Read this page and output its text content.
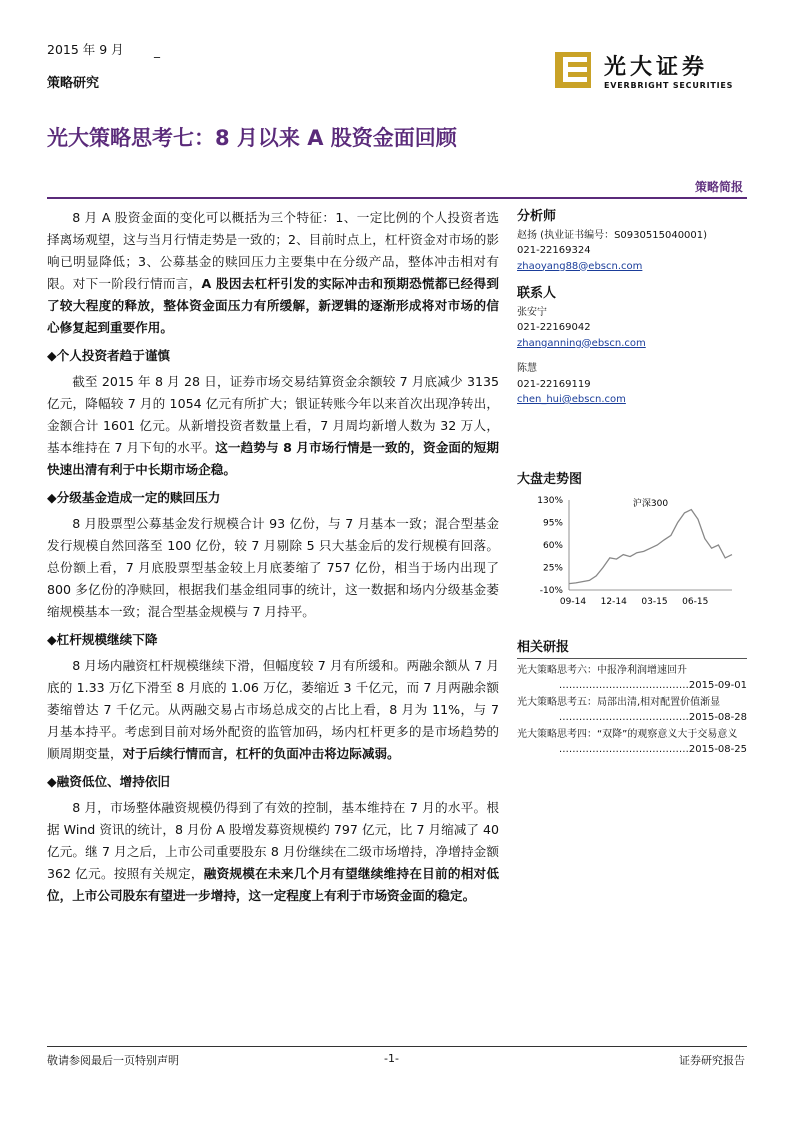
2015 年 9 月	_
策略研究
光大证券
EVERBRIGHT SECURITIES
光大策略思考七：8 月以来 A 股资金面回顾
策略简报

8 月 A 股资金面的变化可以概括为三个特征：1、一定比例的个人投资者选择离场观望，这与当月行情走势是一致的；2、目前时点上，杠杆资金对市场的影响已明显降低；3、公募基金的赎回压力主要集中在分级产品，整体冲击相对有限。对下一阶段行情而言，A 股因去杠杆引发的实际冲击和预期恐慌都已经得到了较大程度的释放，整体资金面压力有所缓解，新逻辑的逐渐形成将对市场的信心修复起到重要作用。

◆个人投资者趋于谨慎

截至 2015 年 8 月 28 日，证券市场交易结算资金余额较 7 月底减少 3135 亿元，降幅较 7 月的 1054 亿元有所扩大；银证转账今年以来首次出现净转出，金额合计 1601 亿元。从新增投资者数量上看，7 月周均新增人数为 32 万人，基本维持在 7 月下旬的水平。这一趋势与 8 月市场行情是一致的，资金面的短期快速出清有利于中长期市场企稳。

◆分级基金造成一定的赎回压力

8 月股票型公募基金发行规模合计 93 亿份，与 7 月基本一致；混合型基金发行规模自然回落至 100 亿份，较 7 月剔除 5 只大基金后的发行规模有回落。总份额上看，7 月底股票型基金较上月底萎缩了 757 亿份，相当于场内出现了 800 多亿份的净赎回，根据我们基金组同事的统计，这一数据和场内分级基金萎缩规模基本一致；混合型基金规模与 7 月持平。

◆杠杆规模继续下降

8 月场内融资杠杆规模继续下滑，但幅度较 7 月有所缓和。两融余额从 7 月底的 1.33 万亿下滑至 8 月底的 1.06 万亿，萎缩近 3 千亿元，而 7 月两融余额萎缩曾达 7 千亿元。从两融交易占市场总成交的占比上看，8 月为 11%，与 7 月基本持平。考虑到目前对场外配资的监管加码，场内杠杆更多的是市场趋势的顺周期变量，对于后续行情而言，杠杆的负面冲击将边际减弱。

◆融资低位、增持依旧

8 月，市场整体融资规模仍得到了有效的控制，基本维持在 7 月的水平。根据 Wind 资讯的统计，8 月份 A 股增发募资规模约 797 亿元，比 7 月缩减了 40 亿元。继 7 月之后，上市公司重要股东 8 月份继续在二级市场增持，净增持金额 362 亿元。按照有关规定，融资规模在未来几个月有望继续维持在目前的相对低位，上市公司股东有望进一步增持，这一定程度上有利于市场资金面的稳定。

分析师
赵扬 (执业证书编号：S0930515040001)
021-22169324
zhaoyang88@ebscn.com
联系人
张安宁
021-22169042
zhanganning@ebscn.com
陈慧
021-22169119
chen_hui@ebscn.com
大盘走势图
130%
95%
60%
25%
-10%
09-14 12-14 03-15 06-15
沪深300
相关研报
光大策略思考六：中报净利润增速回升
…………………………………2015-09-01
光大策略思考五：局部出清,相对配置价值渐显
…………………………………2015-08-28
光大策略思考四：“双降”的观察意义大于交易意义
…………………………………2015-08-25
敬请参阅最后一页特别声明	-1-	证券研究报告
